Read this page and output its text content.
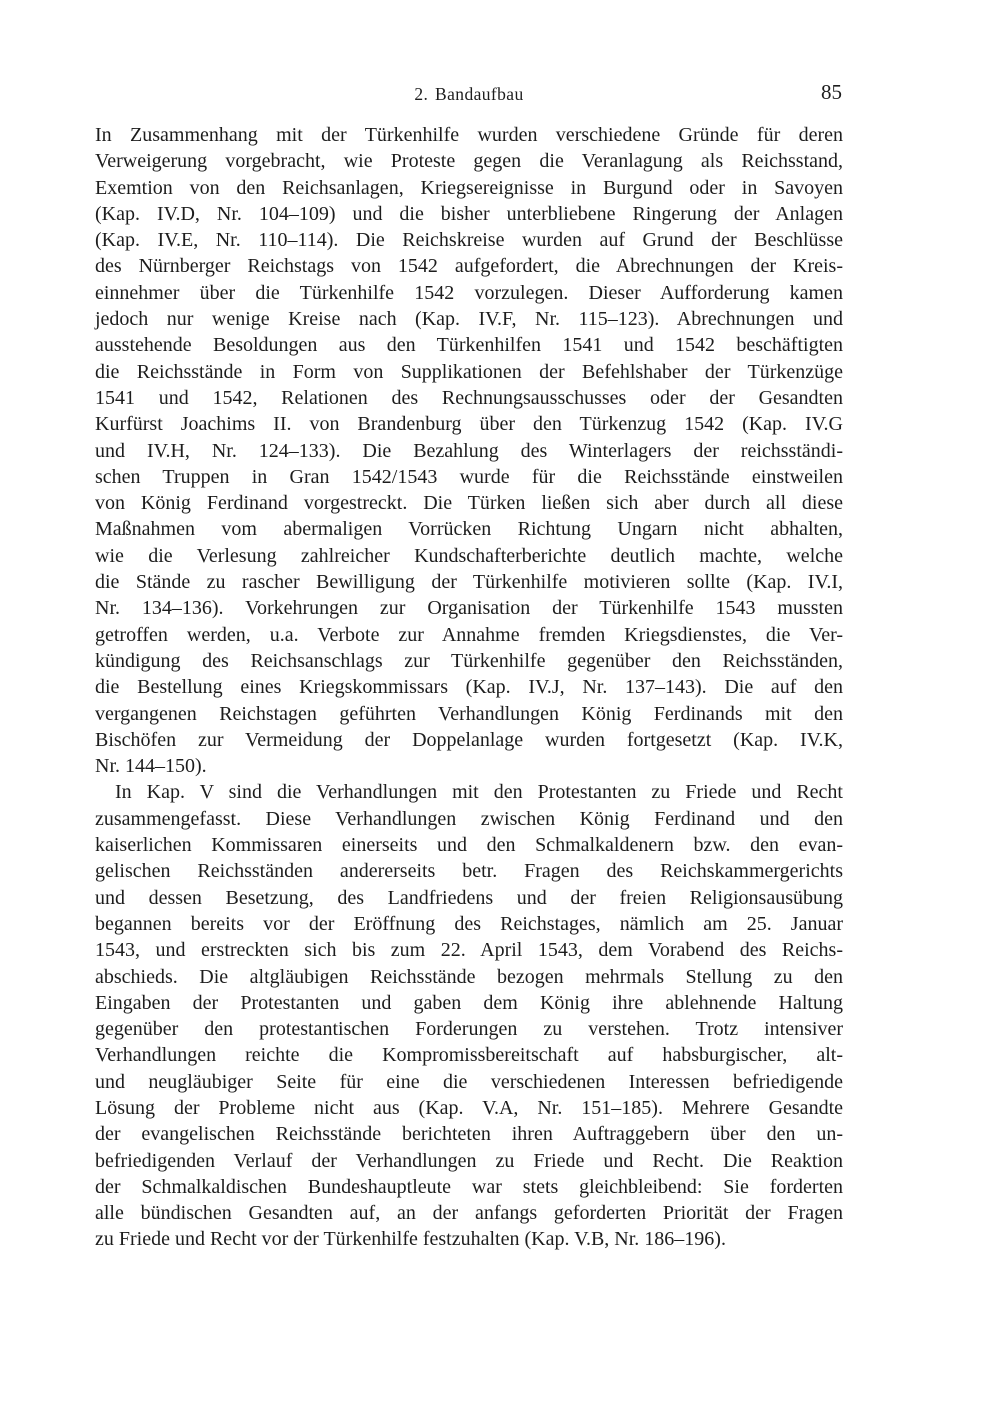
2. Bandaufbau	85
In Zusammenhang mit der Türkenhilfe wurden verschiedene Gründe für deren
Verweigerung vorgebracht, wie Proteste gegen die Veranlagung als Reichsstand,
Exemtion von den Reichsanlagen, Kriegsereignisse in Burgund oder in Savoyen
(Kap. IV.D, Nr. 104–109) und die bisher unterbliebene Ringerung der Anlagen
(Kap. IV.E, Nr. 110–114). Die Reichskreise wurden auf Grund der Beschlüsse
des Nürnberger Reichstags von 1542 aufgefordert, die Abrechnungen der Kreis-
einnehmer über die Türkenhilfe 1542 vorzulegen. Dieser Aufforderung kamen
jedoch nur wenige Kreise nach (Kap. IV.F, Nr. 115–123). Abrechnungen und
ausstehende Besoldungen aus den Türkenhilfen 1541 und 1542 beschäftigten
die Reichsstände in Form von Supplikationen der Befehlshaber der Türkenzüge
1541 und 1542, Relationen des Rechnungsausschusses oder der Gesandten
Kurfürst Joachims II. von Brandenburg über den Türkenzug 1542 (Kap. IV.G
und IV.H, Nr. 124–133). Die Bezahlung des Winterlagers der reichsständi-
schen Truppen in Gran 1542/1543 wurde für die Reichsstände einstweilen
von König Ferdinand vorgestreckt. Die Türken ließen sich aber durch all diese
Maßnahmen vom abermaligen Vorrücken Richtung Ungarn nicht abhalten,
wie die Verlesung zahlreicher Kundschafterberichte deutlich machte, welche
die Stände zu rascher Bewilligung der Türkenhilfe motivieren sollte (Kap. IV.I,
Nr. 134–136). Vorkehrungen zur Organisation der Türkenhilfe 1543 mussten
getroffen werden, u.a. Verbote zur Annahme fremden Kriegsdienstes, die Ver-
kündigung des Reichsanschlags zur Türkenhilfe gegenüber den Reichsständen,
die Bestellung eines Kriegskommissars (Kap. IV.J, Nr. 137–143). Die auf den
vergangenen Reichstagen geführten Verhandlungen König Ferdinands mit den
Bischöfen zur Vermeidung der Doppelanlage wurden fortgesetzt (Kap. IV.K,
Nr. 144–150).
In Kap. V sind die Verhandlungen mit den Protestanten zu Friede und Recht
zusammengefasst. Diese Verhandlungen zwischen König Ferdinand und den
kaiserlichen Kommissaren einerseits und den Schmalkaldenern bzw. den evan-
gelischen Reichsständen andererseits betr. Fragen des Reichskammergerichts
und dessen Besetzung, des Landfriedens und der freien Religionsausübung
begannen bereits vor der Eröffnung des Reichstages, nämlich am 25. Januar
1543, und erstreckten sich bis zum 22. April 1543, dem Vorabend des Reichs-
abschieds. Die altgläubigen Reichsstände bezogen mehrmals Stellung zu den
Eingaben der Protestanten und gaben dem König ihre ablehnende Haltung
gegenüber den protestantischen Forderungen zu verstehen. Trotz intensiver
Verhandlungen reichte die Kompromissbereitschaft auf habsburgischer, alt-
und neugläubiger Seite für eine die verschiedenen Interessen befriedigende
Lösung der Probleme nicht aus (Kap. V.A, Nr. 151–185). Mehrere Gesandte
der evangelischen Reichsstände berichteten ihren Auftraggebern über den un-
befriedigenden Verlauf der Verhandlungen zu Friede und Recht. Die Reaktion
der Schmalkaldischen Bundeshauptleute war stets gleichbleibend: Sie forderten
alle bündischen Gesandten auf, an der anfangs geforderten Priorität der Fragen
zu Friede und Recht vor der Türkenhilfe festzuhalten (Kap. V.B, Nr. 186–196).
